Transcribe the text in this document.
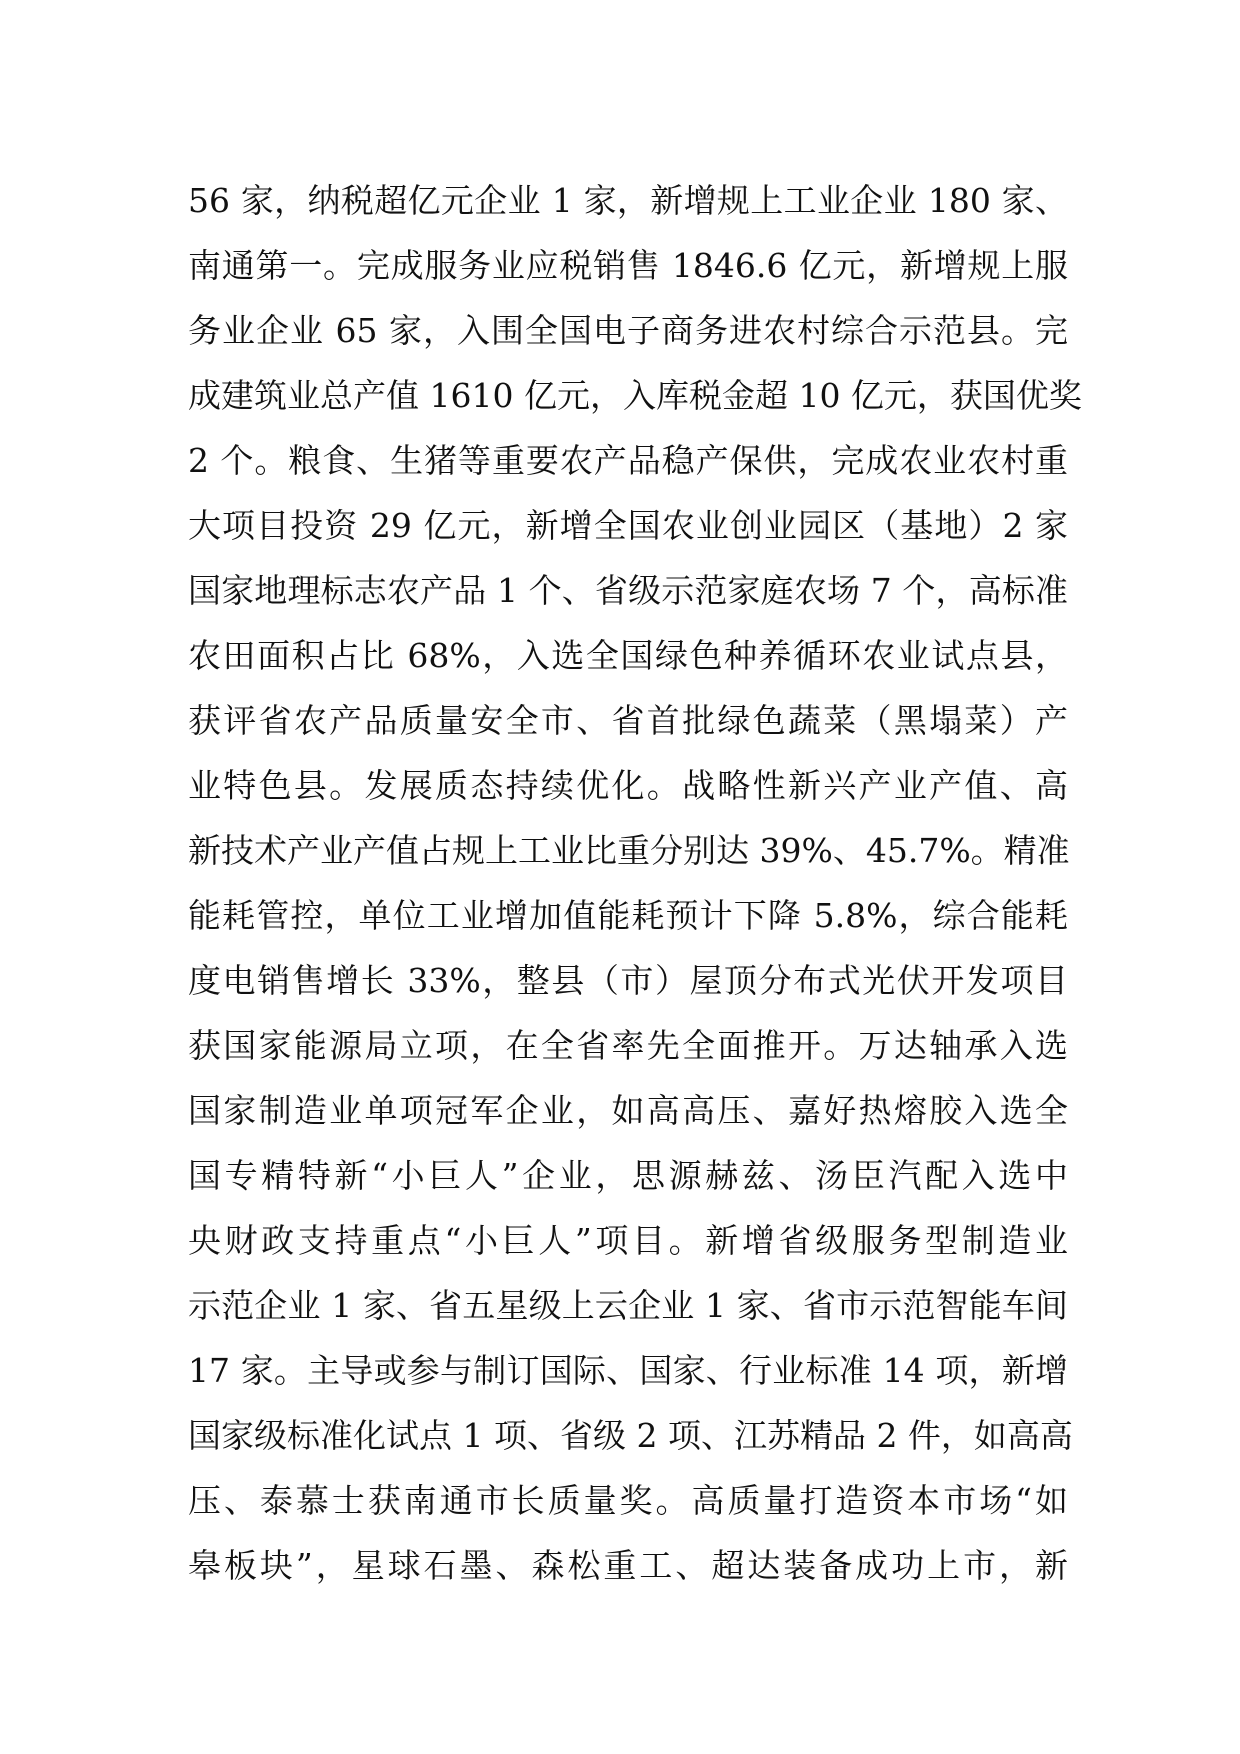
56 家，纳税超亿元企业 1 家，新增规上工业企业 180 家、
南通第一。完成服务业应税销售 1846.6 亿元，新增规上服
务业企业 65 家，入围全国电子商务进农村综合示范县。完
成建筑业总产值 1610 亿元，入库税金超 10 亿元，获国优奖
2 个。粮食、生猪等重要农产品稳产保供，完成农业农村重
大项目投资 29 亿元，新增全国农业创业园区（基地）2 家
国家地理标志农产品 1 个、省级示范家庭农场 7 个，高标准
农田面积占比 68%，入选全国绿色种养循环农业试点县，
获评省农产品质量安全市、省首批绿色蔬菜（黑塌菜）产
业特色县。发展质态持续优化。战略性新兴产业产值、高
新技术产业产值占规上工业比重分别达 39%、45.7%。精准
能耗管控，单位工业增加值能耗预计下降 5.8%，综合能耗
度电销售增长 33%，整县（市）屋顶分布式光伏开发项目
获国家能源局立项，在全省率先全面推开。万达轴承入选
国家制造业单项冠军企业，如高高压、嘉好热熔胶入选全
国专精特新“小巨人”企业，思源赫兹、汤臣汽配入选中
央财政支持重点“小巨人”项目。新增省级服务型制造业
示范企业 1 家、省五星级上云企业 1 家、省市示范智能车间
17 家。主导或参与制订国际、国家、行业标准 14 项，新增
国家级标准化试点 1 项、省级 2 项、江苏精品 2 件，如高高
压、泰慕士获南通市长质量奖。高质量打造资本市场“如
皋板块”，星球石墨、森松重工、超达装备成功上市，新
